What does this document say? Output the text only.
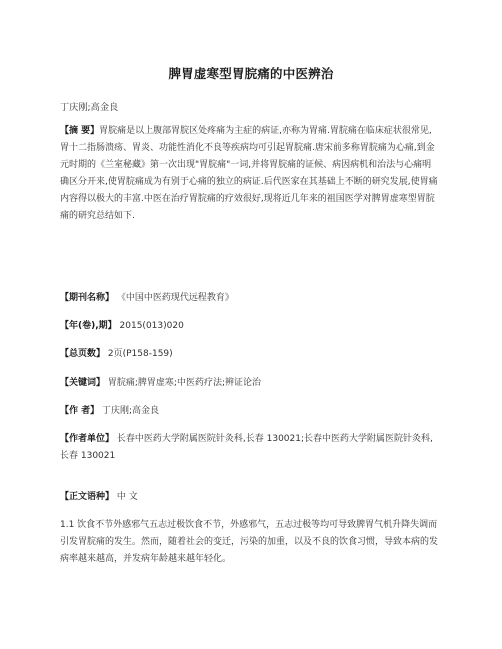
脾胃虚寒型胃脘痛的中医辨治
丁庆刚;高金良
【摘 要】胃脘痛是以上腹部胃脘区处疼痛为主症的病证,亦称为胃痛.胃脘痛在临床症状很常见,胃十二指肠溃疡、胃炎、功能性消化不良等疾病均可引起胃脘痛.唐宋前多称胃脘痛为心痛,到金元时期的《兰室秘藏》第一次出现"胃脘痛"一词,并将胃脘痛的证候、病因病机和治法与心痛明确区分开来,使胃脘痛成为有别于心痛的独立的病证.后代医家在其基础上不断的研究发展,使胃痛内容得以极大的丰富.中医在治疗胃脘痛的疗效很好,现将近几年来的祖国医学对脾胃虚寒型胃脘痛的研究总结如下.
【期刊名称】 《中国中医药现代远程教育》
【年(卷),期】 2015(013)020
【总页数】 2页(P158-159)
【关键词】 胃脘痛;脾胃虚寒;中医药疗法;辨证论治
【作 者】 丁庆刚;高金良
【作者单位】 长春中医药大学附属医院针灸科,长春 130021;长春中医药大学附属医院针灸科,长春 130021
【正文语种】 中 文
1.1 饮食不节外感邪气五志过极饮食不节，外感邪气，五志过极等均可导致脾胃气机升降失调而引发胃脘痛的发生。然而，随着社会的变迁，污染的加重，以及不良的饮食习惯，导致本病的发病率越来越高，并发病年龄越来越年轻化。
